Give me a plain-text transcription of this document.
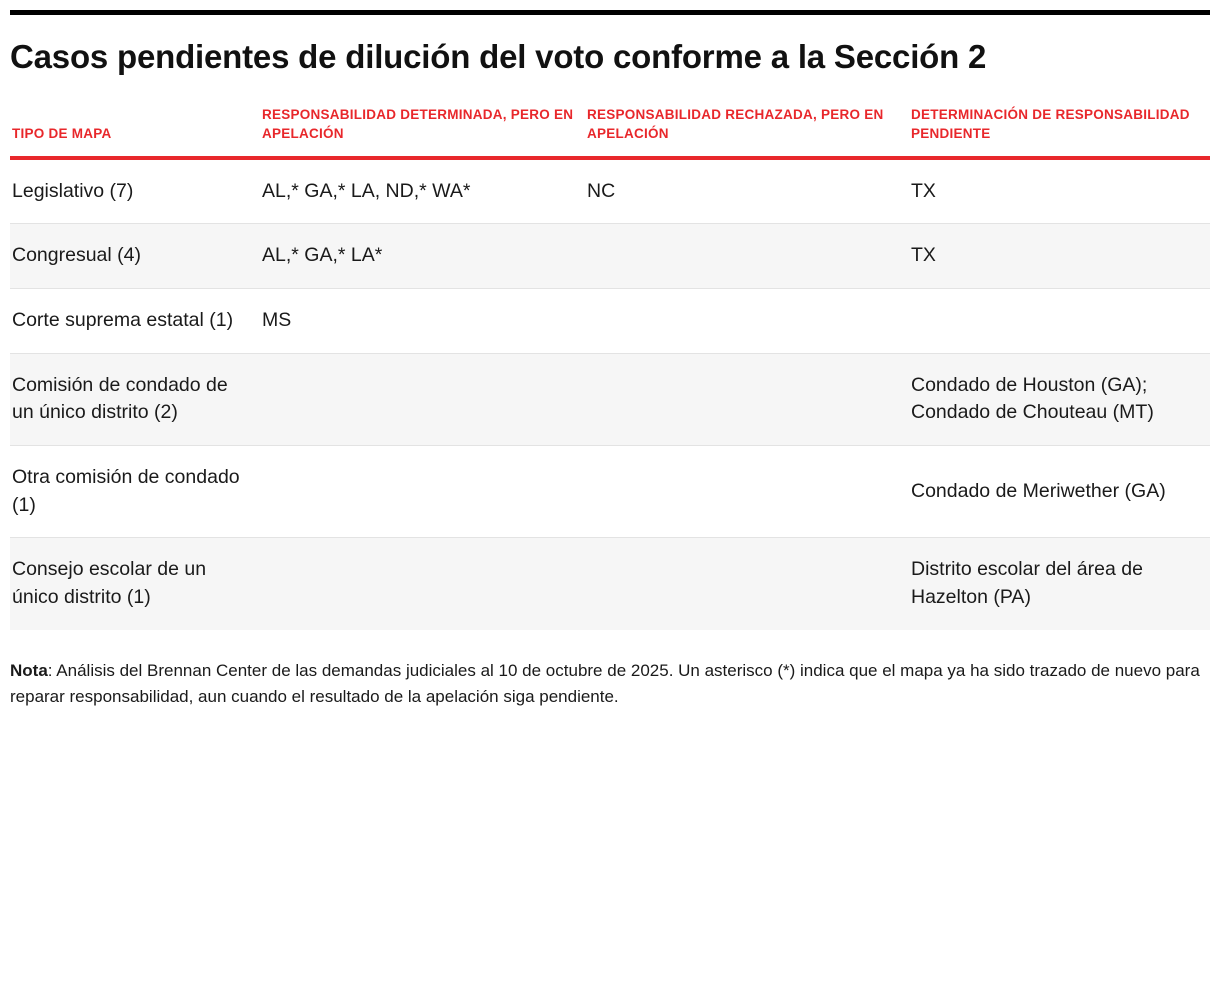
Casos pendientes de dilución del voto conforme a la Sección 2
TIPO DE MAPA	RESPONSABILIDAD DETERMINADA, PERO EN APELACIÓN	RESPONSABILIDAD RECHAZADA, PERO EN APELACIÓN	DETERMINACIÓN DE RESPONSABILIDAD PENDIENTE
Legislativo (7)	AL,* GA,* LA, ND,* WA*	NC	TX
Congresual (4)	AL,* GA,* LA*		TX
Corte suprema estatal (1)	MS		
Comisión de condado de un único distrito (2)			Condado de Houston (GA); Condado de Chouteau (MT)
Otra comisión de condado (1)			Condado de Meriwether (GA)
Consejo escolar de un único distrito (1)			Distrito escolar del área de Hazelton (PA)

Nota: Análisis del Brennan Center de las demandas judiciales al 10 de octubre de 2025. Un asterisco (*) indica que el mapa ya ha sido trazado de nuevo para reparar responsabilidad, aun cuando el resultado de la apelación siga pendiente.
